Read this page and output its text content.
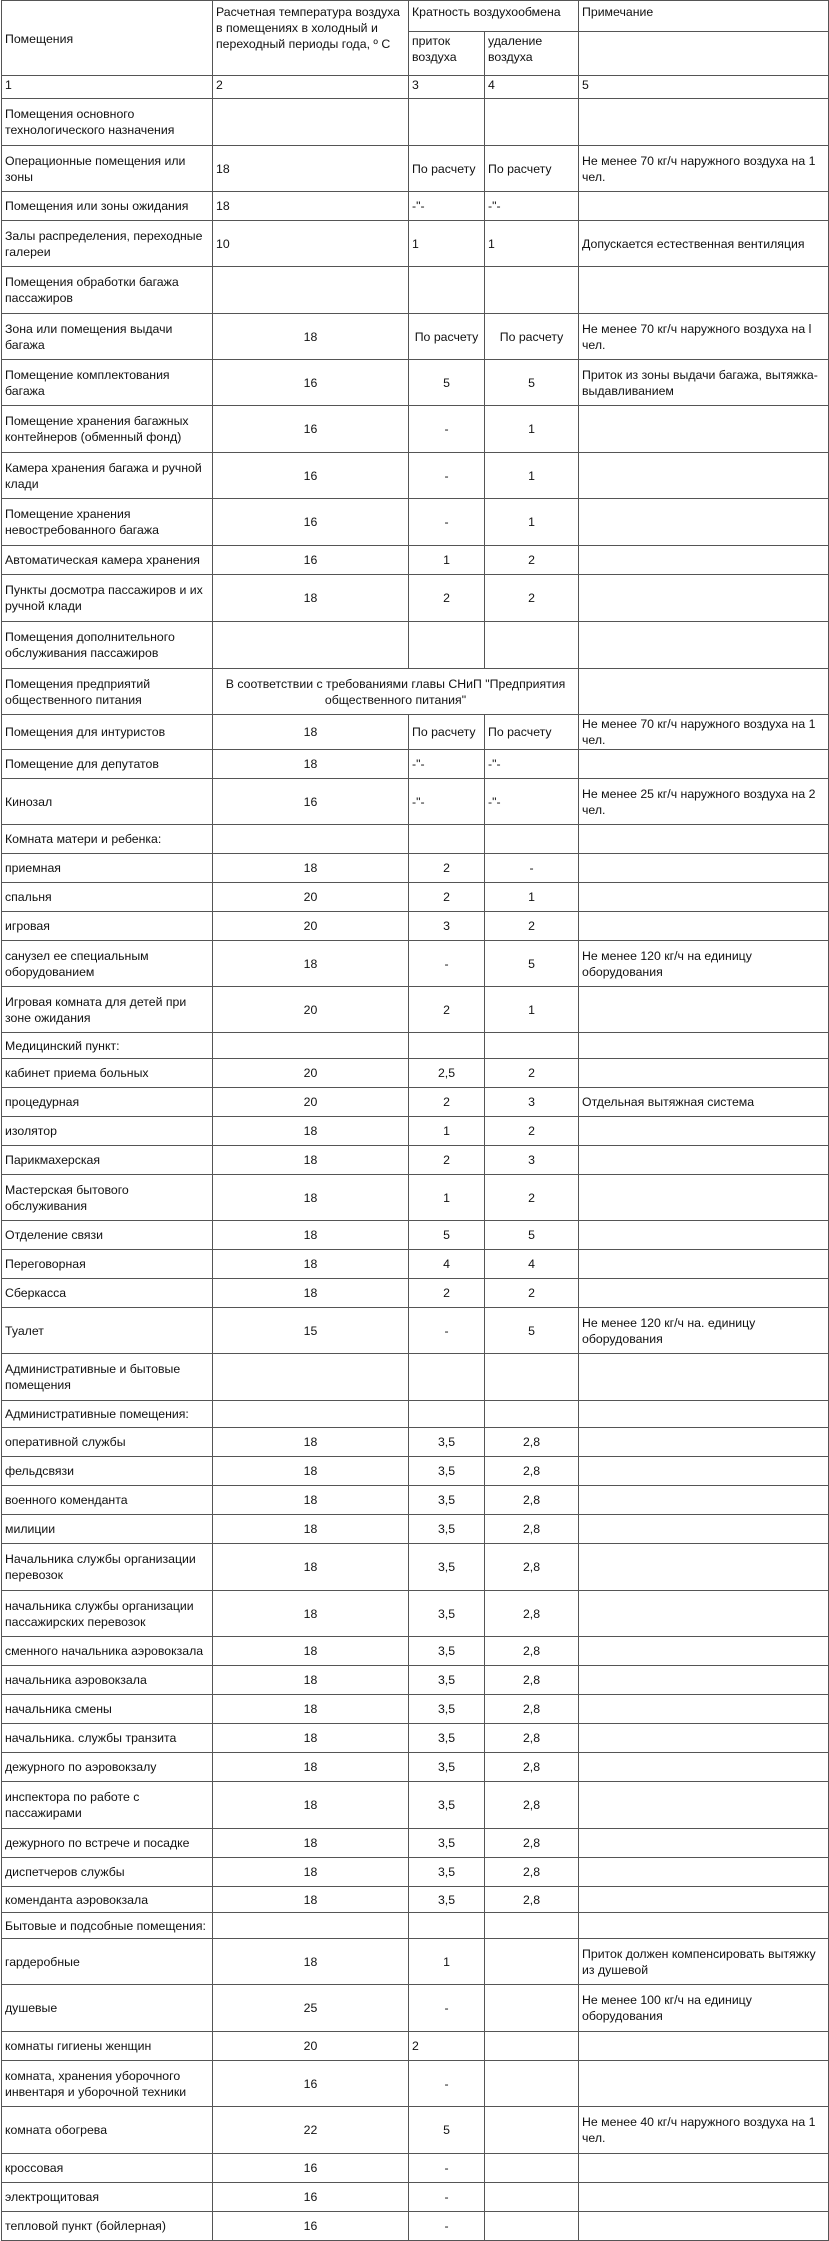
Помещения	Расчетная температура воздуха в помещениях в холодный и переходный периоды года, º С	Кратность воздухообмена		Примечание
		приток воздуха	удаление воздуха	
1	2	3	4	5
Помещения основного технологического назначения				
Операционные помещения или зоны	18	По расчету	По расчету	Не менее 70 кг/ч наружного воздуха на 1 чел.
Помещения или зоны ожидания	18	-"-	-"-	
Залы распределения, переходные галереи	10	1	1	Допускается естественная вентиляция
Помещения обработки багажа пассажиров				
Зона или помещения выдачи багажа	18	По расчету	По расчету	Не менее 70 кг/ч наружного воздуха на l чел.
Помещение комплектования багажа	16	5	5	Приток из зоны выдачи багажа, вытяжка-выдавливанием
Помещение хранения багажных контейнеров (обменный фонд)	16	-	1	
Камера хранения багажа и ручной клади	16	-	1	
Помещение хранения невостребованного багажа	16	-	1	
Автоматическая камера хранения	16	1	2	
Пункты досмотра пассажиров и их ручной клади	18	2	2	
Помещения дополнительного обслуживания пассажиров				
Помещения предприятий общественного питания	В соответствии с требованиями главы СНиП "Предприятия общественного питания"			
Помещения для интуристов	18	По расчету	По расчету	Не менее 70 кг/ч наружного воздуха на 1 чел.
Помещение для депутатов	18	-"-	-"-	
Кинозал	16	-"-	-"-	Не менее 25 кг/ч наружного воздуха на 2 чел.
Комната матери и ребенка:				
приемная	18	2	-	
спальня	20	2	1	
игровая	20	3	2	
санузел ее специальным оборудованием	18	-	5	Не менее 120 кг/ч на единицу оборудования
Игровая комната для детей при зоне ожидания	20	2	1	
Медицинский пункт:				
кабинет приема больных	20	2,5	2	
процедурная	20	2	3	Отдельная вытяжная система
изолятор	18	1	2	
Парикмахерская	18	2	3	
Мастерская бытового обслуживания	18	1	2	
Отделение связи	18	5	5	
Переговорная	18	4	4	
Сберкасса	18	2	2	
Туалет	15	-	5	Не менее 120 кг/ч на. единицу оборудования
Административные и бытовые помещения				
Административные помещения:				
оперативной службы	18	3,5	2,8	
фельдсвязи	18	3,5	2,8	
военного коменданта	18	3,5	2,8	
милиции	18	3,5	2,8	
Начальника службы организации перевозок	18	3,5	2,8	
начальника службы организации пассажирских перевозок	18	3,5	2,8	
сменного начальника аэровокзала	18	3,5	2,8	
начальника аэровокзала	18	3,5	2,8	
начальника смены	18	3,5	2,8	
начальника. службы транзита	18	3,5	2,8	
дежурного по аэровокзалу	18	3,5	2,8	
инспектора по работе с пассажирами	18	3,5	2,8	
дежурного по встрече и посадке	18	3,5	2,8	
диспетчеров службы	18	3,5	2,8	
коменданта аэровокзала	18	3,5	2,8	
Бытовые и подсобные помещения:				
гардеробные	18	1		Приток должен компенсировать вытяжку из душевой
душевые	25	-		Не менее 100 кг/ч на единицу оборудования
комнаты гигиены женщин	20	2		
комната, хранения уборочного инвентаря и уборочной техники	16	-		
комната обогрева	22	5		Не менее 40 кг/ч наружного воздуха на 1 чел.
кроссовая	16	-		
электрощитовая	16	-		
тепловой пункт (бойлерная)	16	-		
